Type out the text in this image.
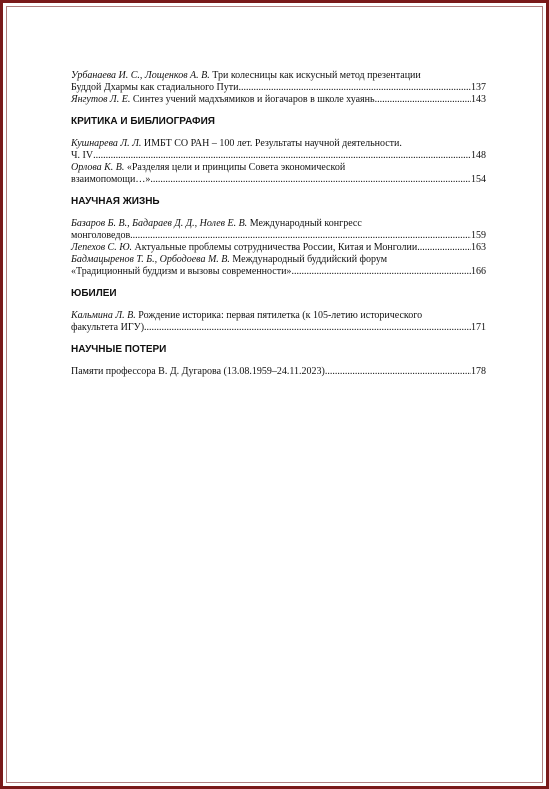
Урбанаева И. С., Лощенков А. В. Три колесницы как искусный метод презентации
Буддой Дхармы как стадиального Пути .....	137
Янгутов Л. Е. Синтез учений мадхъямиков и йогачаров в школе хуаянь .....	143

КРИТИКА И БИБЛИОГРАФИЯ

Кушнарева Л. Л. ИМБТ СО РАН – 100 лет. Результаты научной деятельности.
Ч. IV .....	148
Орлова К. В. «Разделяя цели и принципы Совета экономической
взаимопомощи…» .....	154

НАУЧНАЯ ЖИЗНЬ

Базаров Б. В., Бадараев Д. Д., Нолев Е. В. Международный конгресс
монголоведов .....	159
Лепехов С. Ю. Актуальные проблемы сотрудничества России, Китая и Монголии .....	163
Бадмацыренов Т. Б., Орбодоева М. В. Международный буддийский форум
«Традиционный буддизм и вызовы современности» .....	166

ЮБИЛЕИ

Кальмина Л. В. Рождение историка: первая пятилетка (к 105-летию исторического
факультета ИГУ) .....	171

НАУЧНЫЕ ПОТЕРИ

Памяти профессора В. Д. Дугарова (13.08.1959–24.11.2023) .....	178
